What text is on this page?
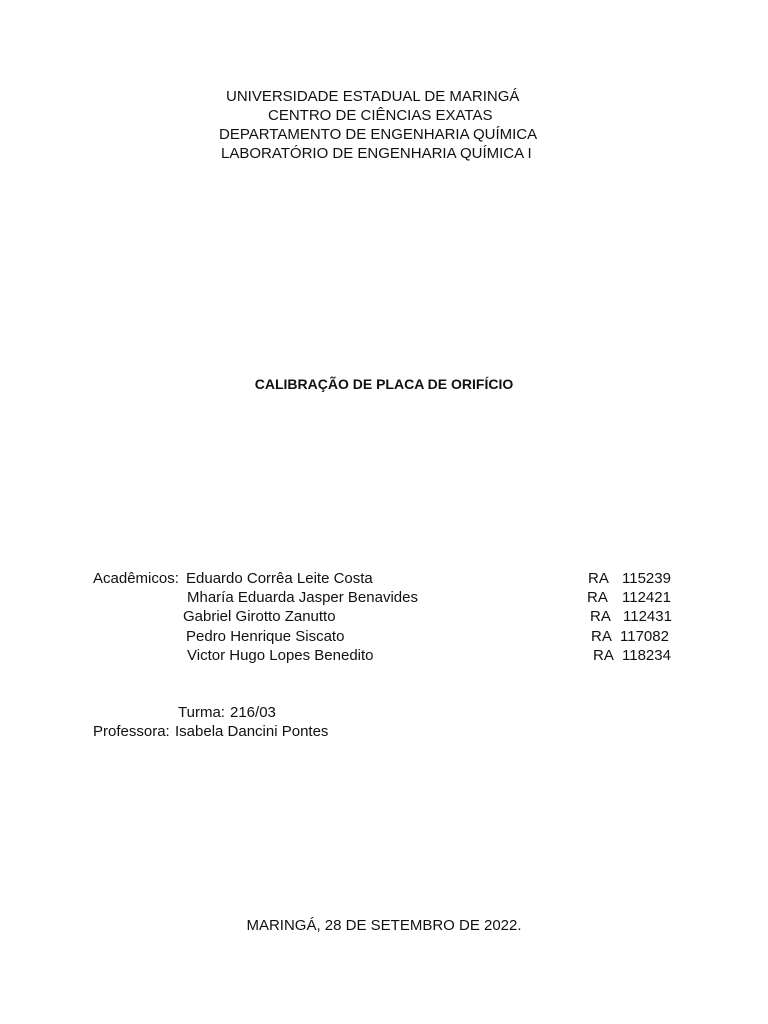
UNIVERSIDADE ESTADUAL DE MARINGÁ
CENTRO DE CIÊNCIAS EXATAS
DEPARTAMENTO DE ENGENHARIA QUÍMICA
LABORATÓRIO DE ENGENHARIA QUÍMICA I
CALIBRAÇÃO DE PLACA DE ORIFÍCIO
Acadêmicos: Eduardo Corrêa Leite Costa	RA 115239
Mharía Eduarda Jasper Benavides	RA 112421
Gabriel Girotto Zanutto	RA 112431
Pedro Henrique Siscato	RA 117082
Victor Hugo Lopes Benedito	RA 118234
Turma: 216/03
Professora: Isabela Dancini Pontes
MARINGÁ, 28 DE SETEMBRO DE 2022.
